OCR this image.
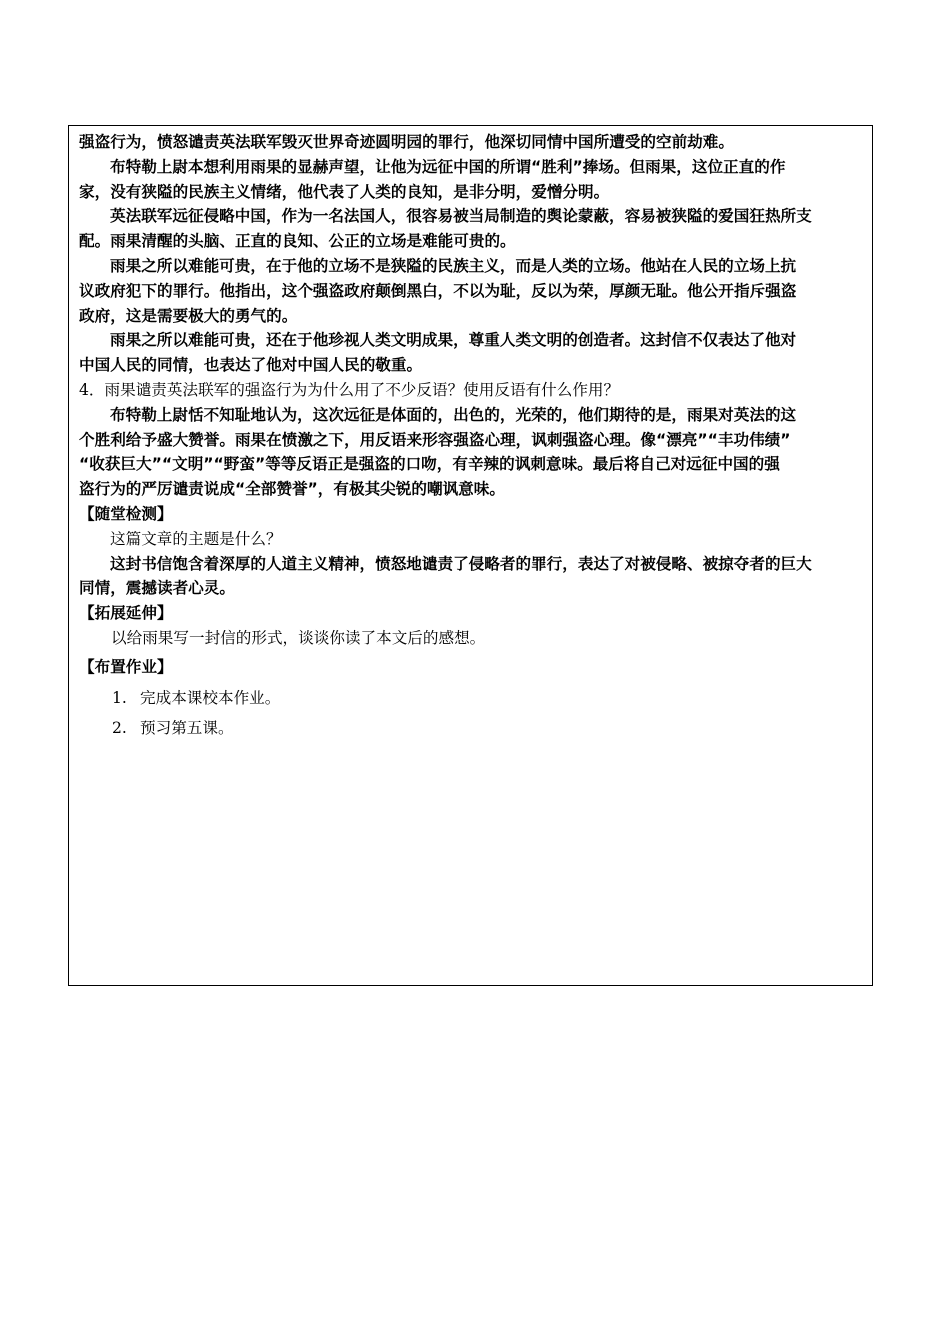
强盗行为，愤怒谴责英法联军毁灭世界奇迹圆明园的罪行，他深切同情中国所遭受的空前劫难。

布特勒上尉本想利用雨果的显赫声望，让他为远征中国的所谓“胜利”捧场。但雨果，这位正直的作

家，没有狭隘的民族主义情绪，他代表了人类的良知，是非分明，爱憎分明。

英法联军远征侵略中国，作为一名法国人，很容易被当局制造的舆论蒙蔽，容易被狭隘的爱国狂热所支

配。雨果清醒的头脑、正直的良知、公正的立场是难能可贵的。

雨果之所以难能可贵，在于他的立场不是狭隘的民族主义，而是人类的立场。他站在人民的立场上抗

议政府犯下的罪行。他指出，这个强盗政府颠倒黑白，不以为耻，反以为荣，厚颜无耻。他公开指斥强盗

政府，这是需要极大的勇气的。

雨果之所以难能可贵，还在于他珍视人类文明成果，尊重人类文明的创造者。这封信不仅表达了他对

中国人民的同情，也表达了他对中国人民的敬重。

4．雨果谴责英法联军的强盗行为为什么用了不少反语？使用反语有什么作用？

布特勒上尉恬不知耻地认为，这次远征是体面的，出色的，光荣的，他们期待的是，雨果对英法的这

个胜利给予盛大赞誉。雨果在愤激之下，用反语来形容强盗心理，讽刺强盗心理。像“漂亮”“丰功伟绩”

“收获巨大”“文明”“野蛮”等等反语正是强盗的口吻，有辛辣的讽刺意味。最后将自己对远征中国的强

盗行为的严厉谴责说成“全部赞誉”，有极其尖锐的嘲讽意味。

【随堂检测】

这篇文章的主题是什么？

这封书信饱含着深厚的人道主义精神，愤怒地谴责了侵略者的罪行，表达了对被侵略、被掠夺者的巨大

同情，震撼读者心灵。

【拓展延伸】

以给雨果写一封信的形式，谈谈你读了本文后的感想。

【布置作业】

1. 完成本课校本作业。

2. 预习第五课。
